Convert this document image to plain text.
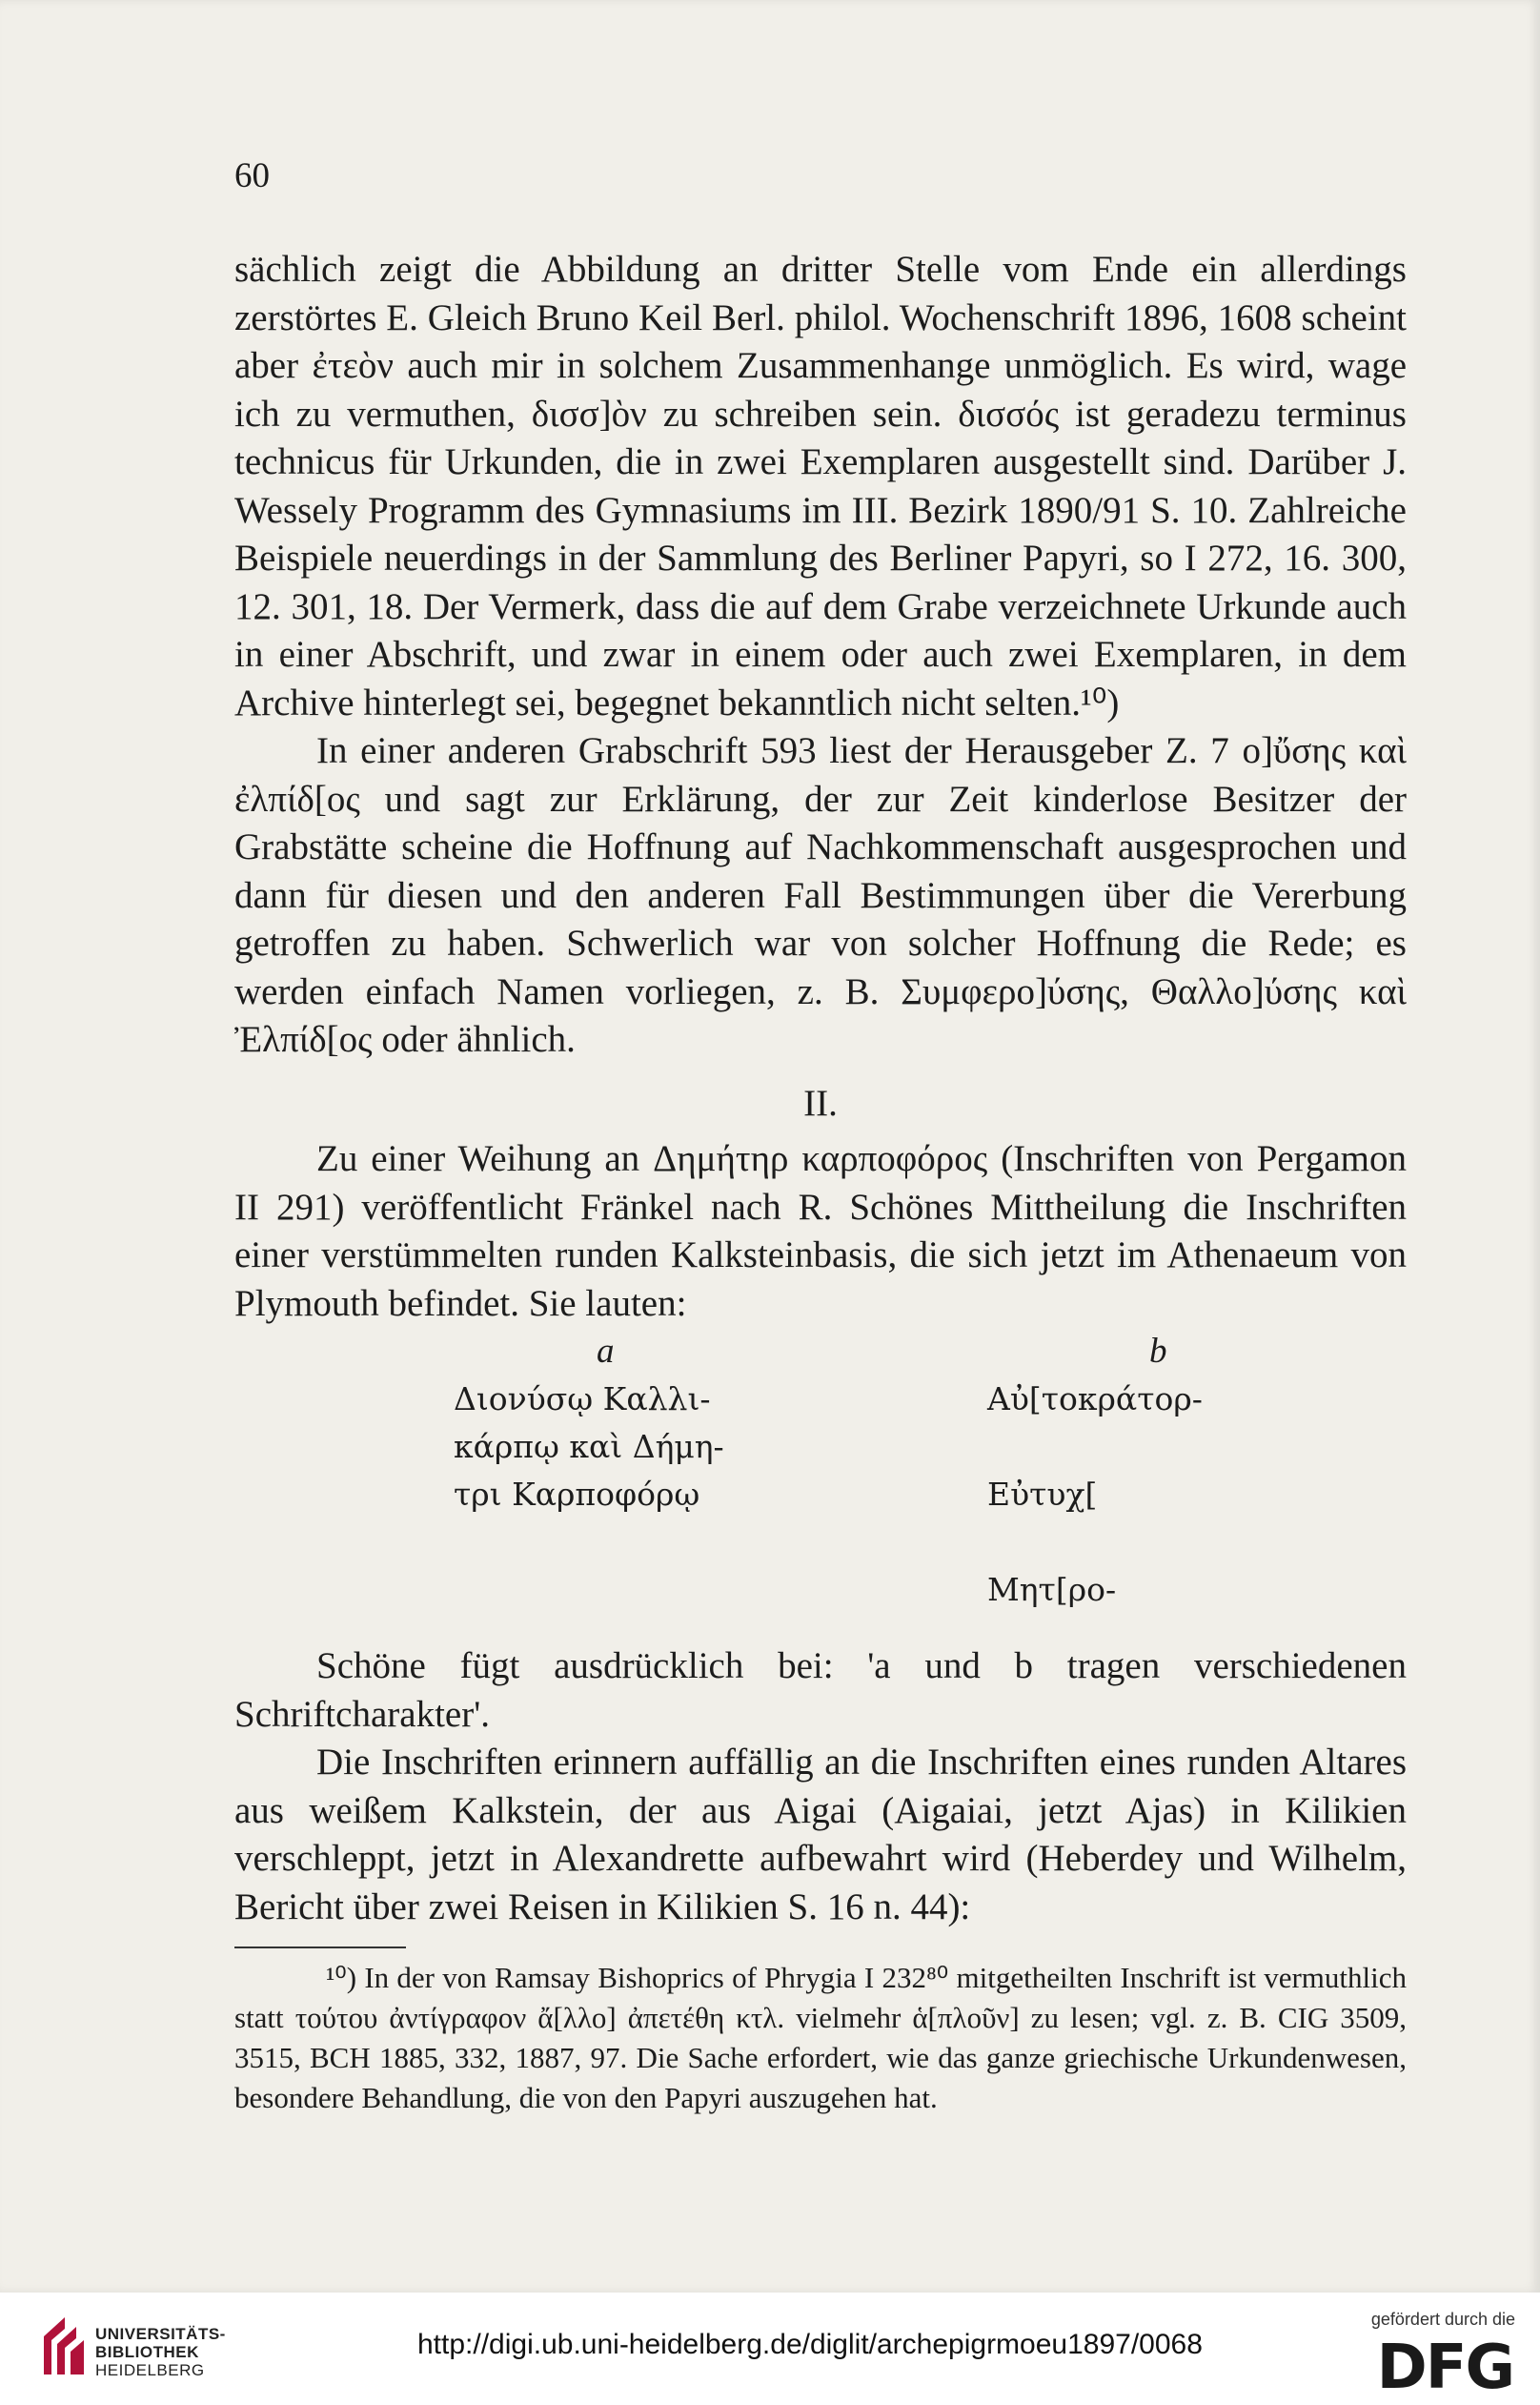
60

sächlich zeigt die Abbildung an dritter Stelle vom Ende ein allerdings zerstörtes E. Gleich Bruno Keil Berl. philol. Wochenschrift 1896, 1608 scheint aber ἐτεὸν auch mir in solchem Zusammenhange unmöglich. Es wird, wage ich zu vermuthen, δισσ]ὸν zu schreiben sein. δισσός ist geradezu terminus technicus für Urkunden, die in zwei Exemplaren ausgestellt sind. Darüber J. Wessely Programm des Gymnasiums im III. Bezirk 1890/91 S. 10. Zahlreiche Beispiele neuerdings in der Sammlung des Berliner Papyri, so I 272, 16. 300, 12. 301, 18. Der Vermerk, dass die auf dem Grabe verzeichnete Urkunde auch in einer Abschrift, und zwar in einem oder auch zwei Exemplaren, in dem Archive hinterlegt sei, begegnet bekanntlich nicht selten.¹⁰)

In einer anderen Grabschrift 593 liest der Herausgeber Z. 7 ο]ὔσης καὶ ἐλπίδ[ος und sagt zur Erklärung, der zur Zeit kinderlose Besitzer der Grabstätte scheine die Hoffnung auf Nachkommenschaft ausgesprochen und dann für diesen und den anderen Fall Bestimmungen über die Vererbung getroffen zu haben. Schwerlich war von solcher Hoffnung die Rede; es werden einfach Namen vorliegen, z. B. Συμφερο]ύσης, Θαλλο]ύσης καὶ Ἐλπίδ[ος oder ähnlich.

II.

Zu einer Weihung an Δημήτηρ καρποφόρος (Inschriften von Pergamon II 291) veröffentlicht Fränkel nach R. Schönes Mittheilung die Inschriften einer verstümmelten runden Kalksteinbasis, die sich jetzt im Athenaeum von Plymouth befindet. Sie lauten:

a
Διονύσῳ Καλλι-
κάρπῳ καὶ Δήμη-
τρι Καρποφόρῳ
b
Αὐ[τοκράτορ-
Εὐτυχ[
Μητ[ρο-

Schöne fügt ausdrücklich bei: 'a und b tragen verschiedenen Schriftcharakter'.

Die Inschriften erinnern auffällig an die Inschriften eines runden Altares aus weißem Kalkstein, der aus Aigai (Aigaiai, jetzt Ajas) in Kilikien verschleppt, jetzt in Alexandrette aufbewahrt wird (Heberdey und Wilhelm, Bericht über zwei Reisen in Kilikien S. 16 n. 44):

¹⁰) In der von Ramsay Bishoprics of Phrygia I 232⁸⁰ mitgetheilten Inschrift ist vermuthlich statt τούτου ἀντίγραφον ἄ[λλο] ἀπετέθη κτλ. vielmehr ἁ[πλοῦν] zu lesen; vgl. z. B. CIG 3509, 3515, BCH 1885, 332, 1887, 97. Die Sache erfordert, wie das ganze griechische Urkundenwesen, besondere Behandlung, die von den Papyri auszugehen hat.

UNIVERSITÄTS-
BIBLIOTHEK
HEIDELBERG
http://digi.ub.uni-heidelberg.de/diglit/archepigrmoeu1897/0068
gefördert durch die
DFG
